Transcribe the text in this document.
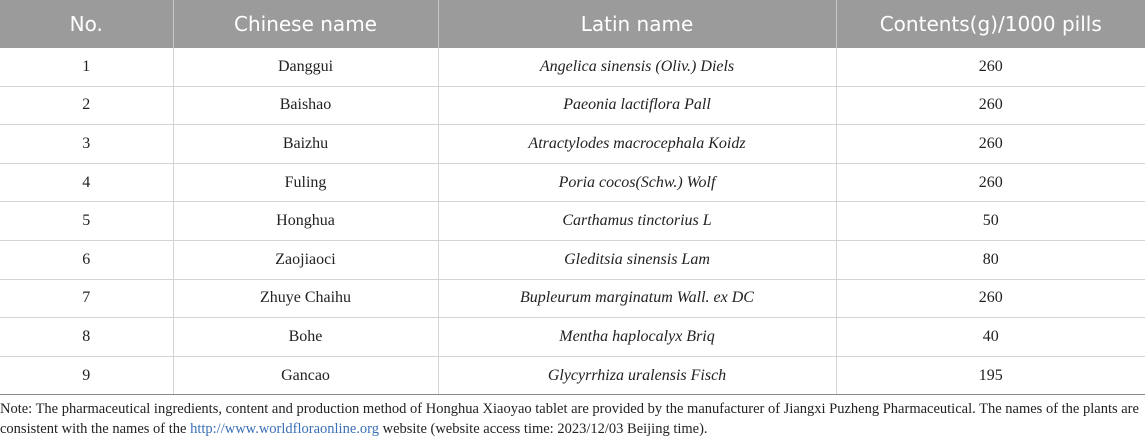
No.	Chinese name	Latin name	Contents(g)/1000 pills
1	Danggui	Angelica sinensis (Oliv.) Diels	260
2	Baishao	Paeonia lactiflora Pall	260
3	Baizhu	Atractylodes macrocephala Koidz	260
4	Fuling	Poria cocos(Schw.) Wolf	260
5	Honghua	Carthamus tinctorius L	50
6	Zaojiaoci	Gleditsia sinensis Lam	80
7	Zhuye Chaihu	Bupleurum marginatum Wall. ex DC	260
8	Bohe	Mentha haplocalyx Briq	40
9	Gancao	Glycyrrhiza uralensis Fisch	195

Note: The pharmaceutical ingredients, content and production method of Honghua Xiaoyao tablet are provided by the manufacturer of Jiangxi Puzheng Pharmaceutical. The names of the plants are consistent with the names of the http://www.worldfloraonline.org website (website access time: 2023/12/03 Beijing time).
